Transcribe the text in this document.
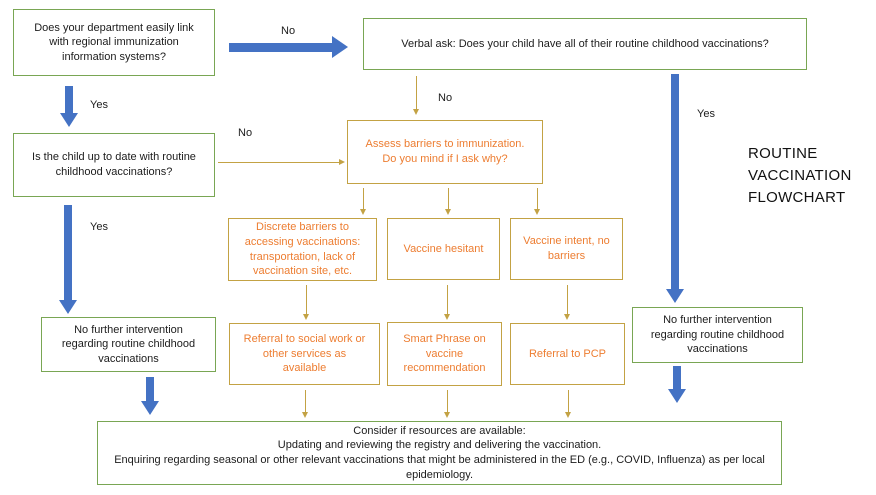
ROUTINE
VACCINATION
FLOWCHART
Does your department easily link with regional immunization information systems?
Verbal ask: Does your child have all of their routine childhood vaccinations?
Is the child up to date with routine childhood vaccinations?
No further intervention regarding routine childhood vaccinations
No further intervention regarding routine childhood vaccinations
Consider if resources are available:
Updating and reviewing the registry and delivering the vaccination.
Enquiring regarding seasonal or other relevant vaccinations that might be administered in the ED (e.g., COVID, Influenza) as per local epidemiology.
Assess barriers to immunization. Do you mind if I ask why?
Discrete barriers to accessing vaccinations: transportation, lack of vaccination site, etc.
Vaccine hesitant
Vaccine intent, no barriers
Referral to social work or other services as available
Smart Phrase on vaccine recommendation
Referral to PCP
No
Yes
No
No
Yes
Yes
